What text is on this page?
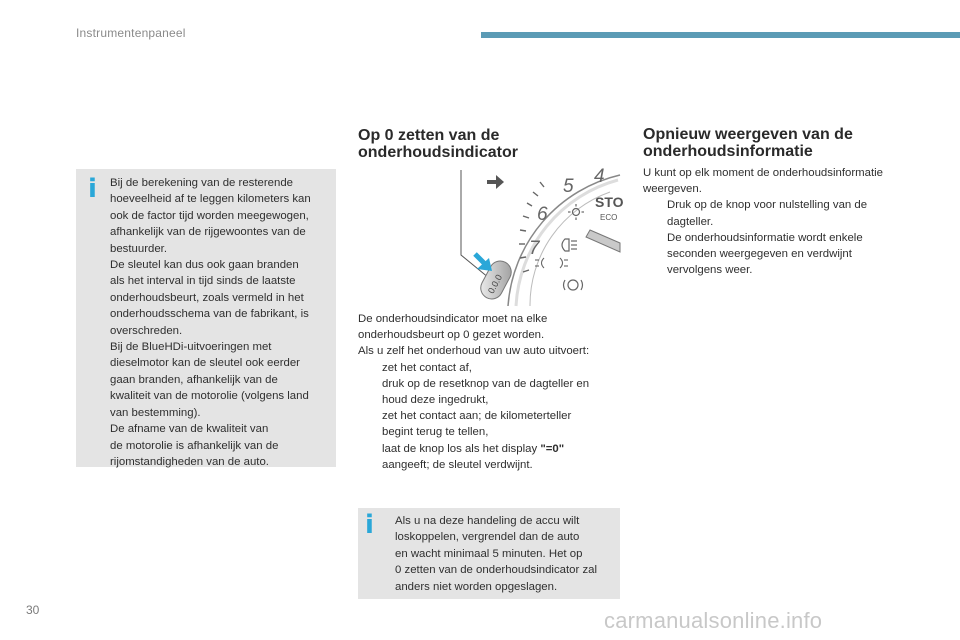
Instrumentenpaneel
i Bij de berekening van de resterende

hoeveelheid af te leggen kilometers kan

ook de factor tijd worden meegewogen,

afhankelijk van de rijgewoontes van de

bestuurder.

De sleutel kan dus ook gaan branden

als het interval in tijd sinds de laatste

onderhoudsbeurt, zoals vermeld in het

onderhoudsschema van de fabrikant, is

overschreden.

Bij de BlueHDi-uitvoeringen met

dieselmotor kan de sleutel ook eerder

gaan branden, afhankelijk van de

kwaliteit van de motorolie (volgens land

van bestemming).

De afname van de kwaliteit van

de motorolie is afhankelijk van de

rijomstandigheden van de auto.

Op 0 zetten van de
onderhoudsindicator
4
5
6
7
STO
ECO
0.0.0

De onderhoudsindicator moet na elke

onderhoudsbeurt op 0 gezet worden.

Als u zelf het onderhoud van uw auto uitvoert:

zet het contact af,
druk op de resetknop van de dagteller en
houd deze ingedrukt,
zet het contact aan; de kilometerteller
begint terug te tellen,
laat de knop los als het display "=0"
aangeeft; de sleutel verdwijnt.
i Als u na deze handeling de accu wilt

loskoppelen, vergrendel dan de auto

en wacht minimaal 5 minuten. Het op

0 zetten van de onderhoudsindicator zal

anders niet worden opgeslagen.

Opnieuw weergeven van de
onderhoudsinformatie

U kunt op elk moment de onderhoudsinformatie

weergeven.

Druk op de knop voor nulstelling van de
dagteller.
De onderhoudsinformatie wordt enkele
seconden weergegeven en verdwijnt
vervolgens weer.
30	carmanualsonline.info
